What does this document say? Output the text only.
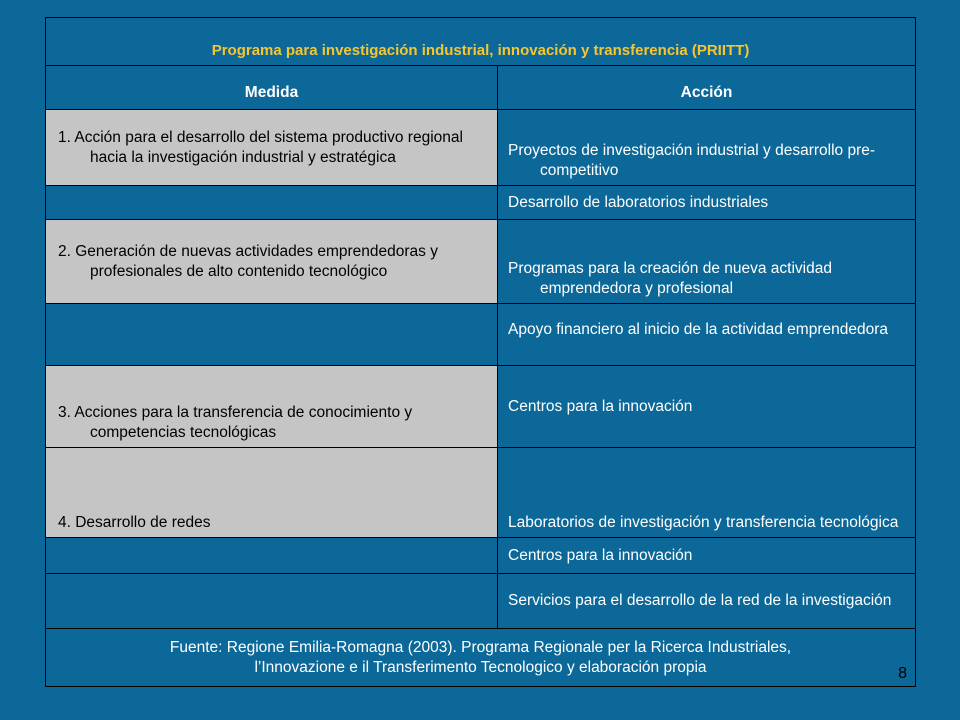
Programa para investigación industrial, innovación y transferencia (PRIITT)	
Medida	Acción

1. Acción para el desarrollo del sistema productivo regional hacia la investigación industrial y estratégica	Proyectos de investigación industrial y desarrollo pre-competitivo

	Desarrollo de laboratorios industriales

2. Generación de nuevas actividades emprendedoras y profesionales de alto contenido tecnológico	Programas para la creación de nueva actividad emprendedora y profesional

	Apoyo financiero al inicio de la actividad emprendedora

3. Acciones para la transferencia de conocimiento y competencias tecnológicas	Centros para la innovación

4. Desarrollo de redes	Laboratorios de investigación y transferencia tecnológica

	Centros para la innovación

	Servicios para el desarrollo de la red de la investigación

Fuente: Regione Emilia-Romagna (2003). Programa Regionale per la Ricerca Industriales,
l’Innovazione e il Transferimento Tecnologico y elaboración propia 8	
